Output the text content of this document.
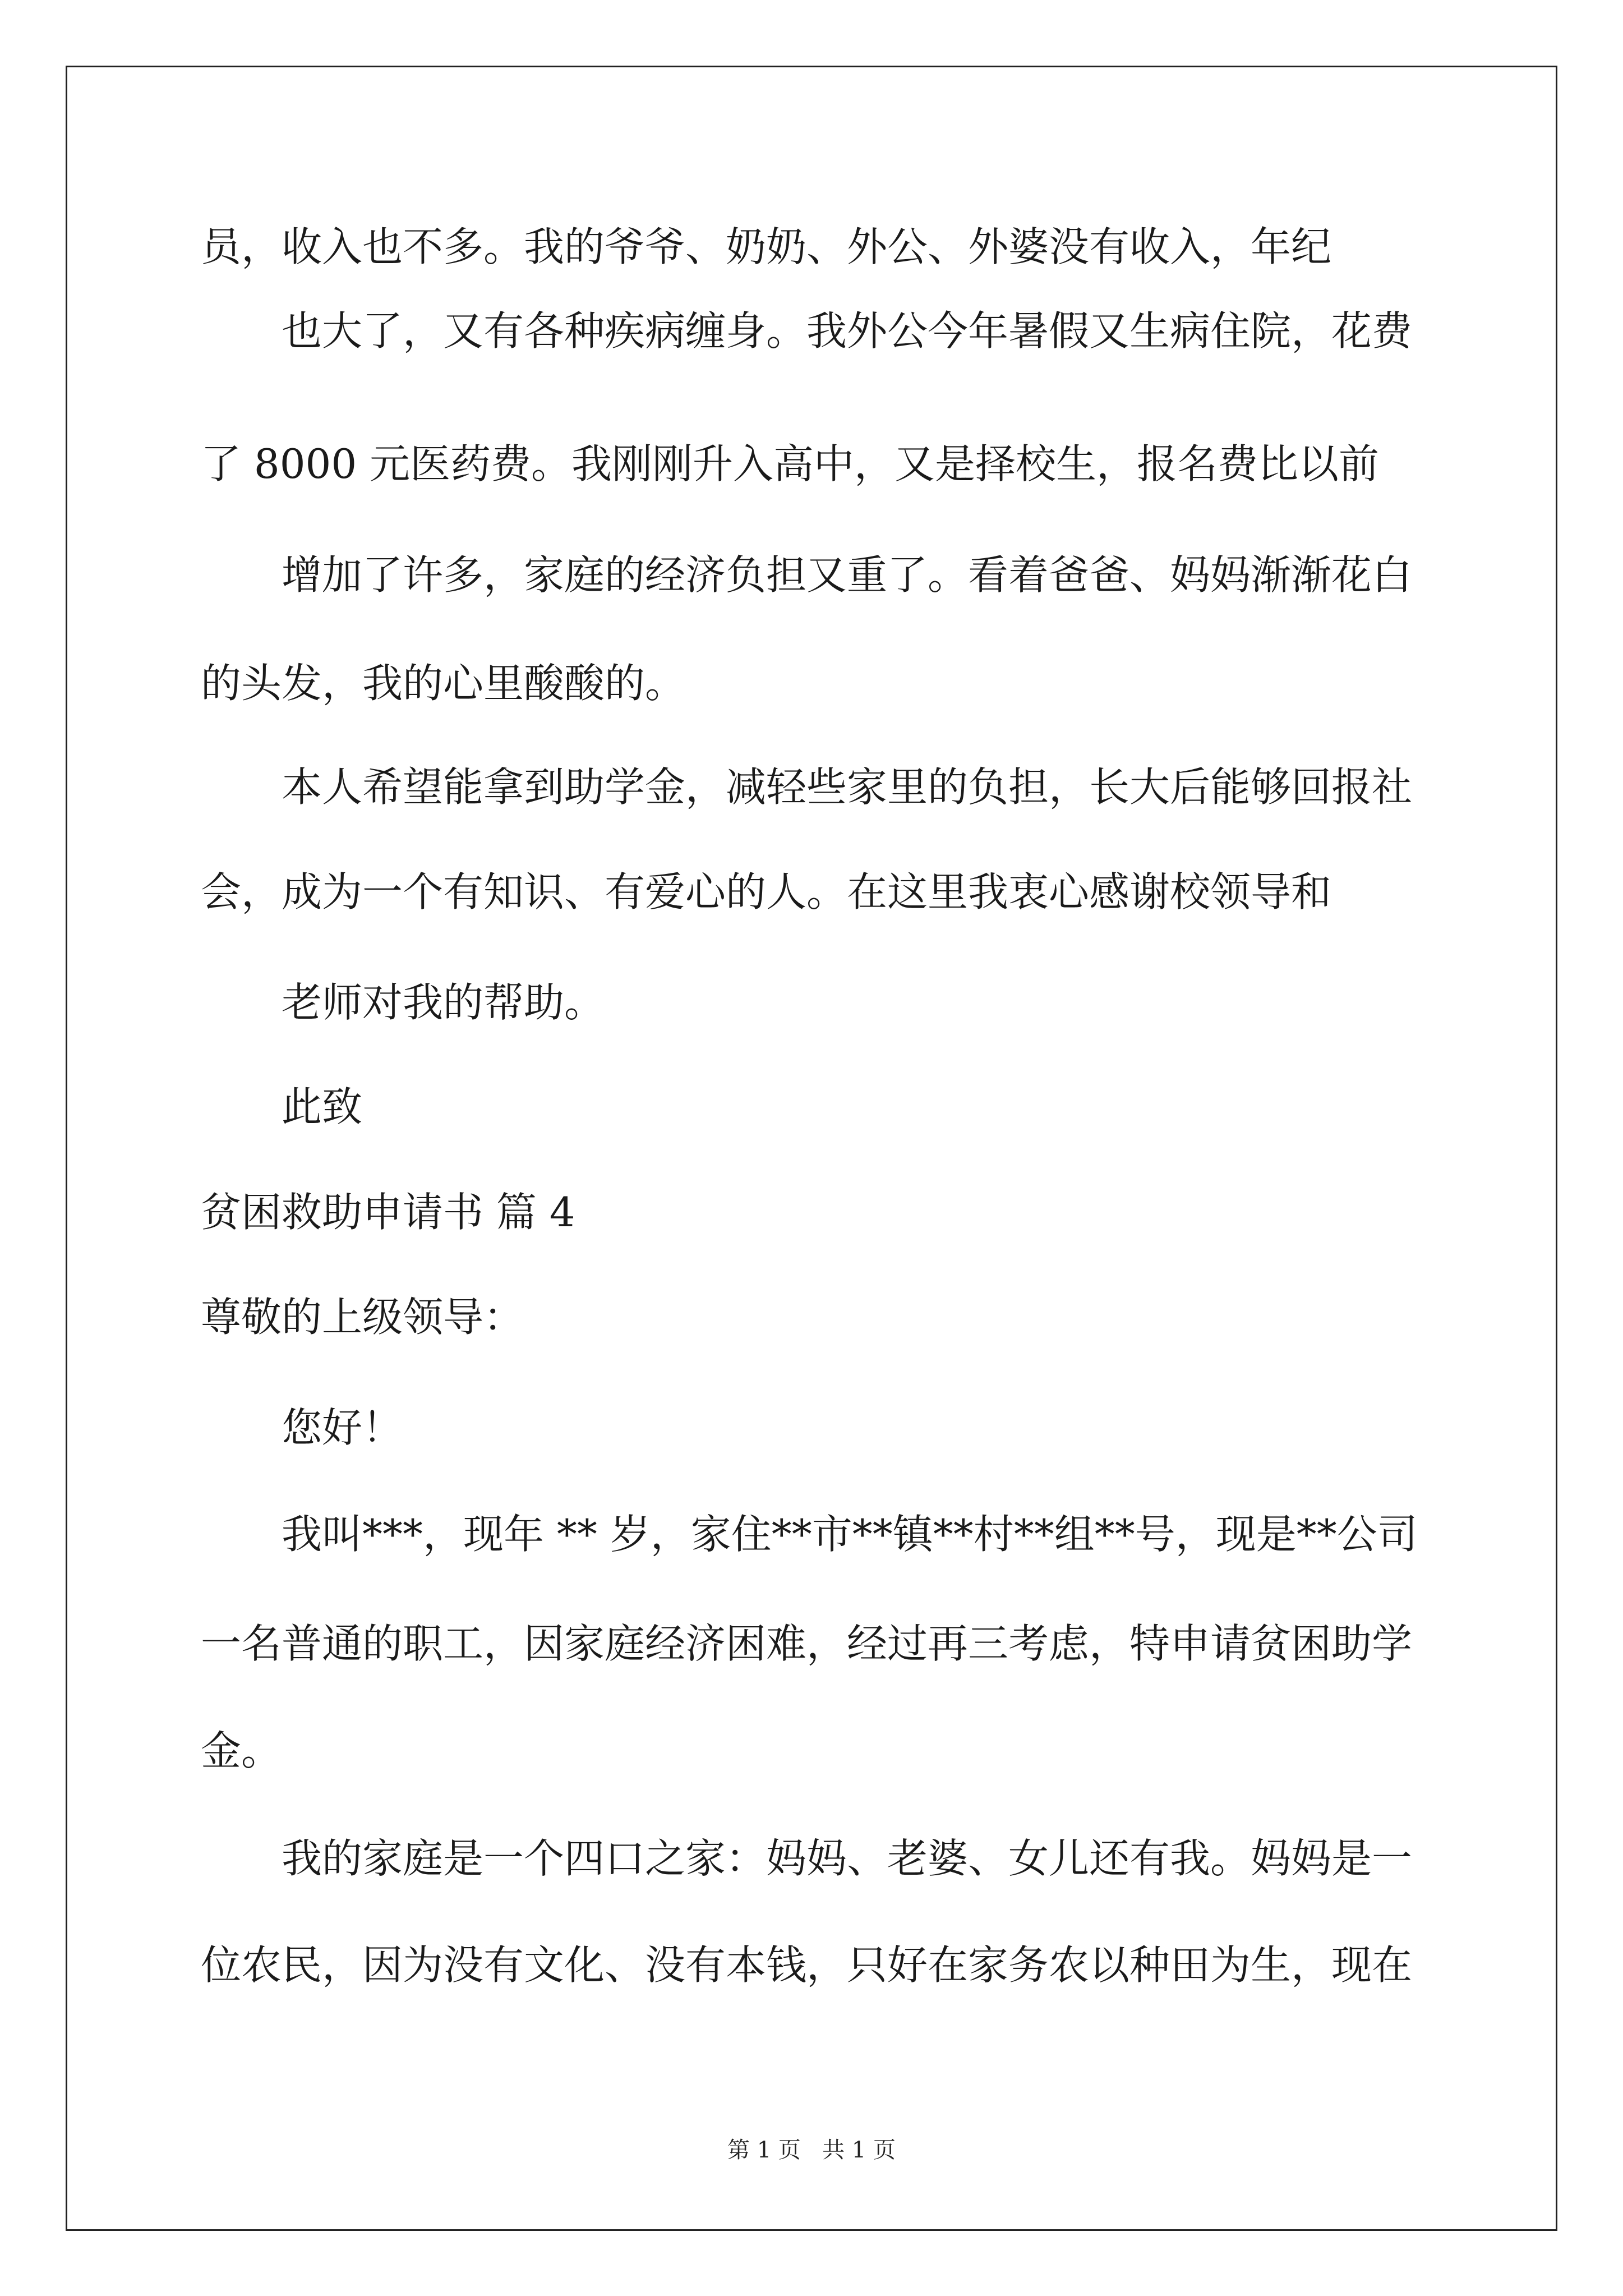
员，收入也不多。我的爷爷、奶奶、外公、外婆没有收入，年纪

也大了，又有各种疾病缠身。我外公今年暑假又生病住院，花费

了 8000 元医药费。我刚刚升入高中，又是择校生，报名费比以前

增加了许多，家庭的经济负担又重了。看着爸爸、妈妈渐渐花白

的头发，我的心里酸酸的。

本人希望能拿到助学金，减轻些家里的负担，长大后能够回报社

会，成为一个有知识、有爱心的人。在这里我衷心感谢校领导和

老师对我的帮助。

此致

贫困救助申请书 篇 4

尊敬的上级领导：

您好！

我叫***，现年 ** 岁，家住**市**镇**村**组**号，现是**公司

一名普通的职工，因家庭经济困难，经过再三考虑，特申请贫困助学

金。

我的家庭是一个四口之家：妈妈、老婆、女儿还有我。妈妈是一

位农民，因为没有文化、没有本钱，只好在家务农以种田为生，现在

第 1 页   共 1 页
